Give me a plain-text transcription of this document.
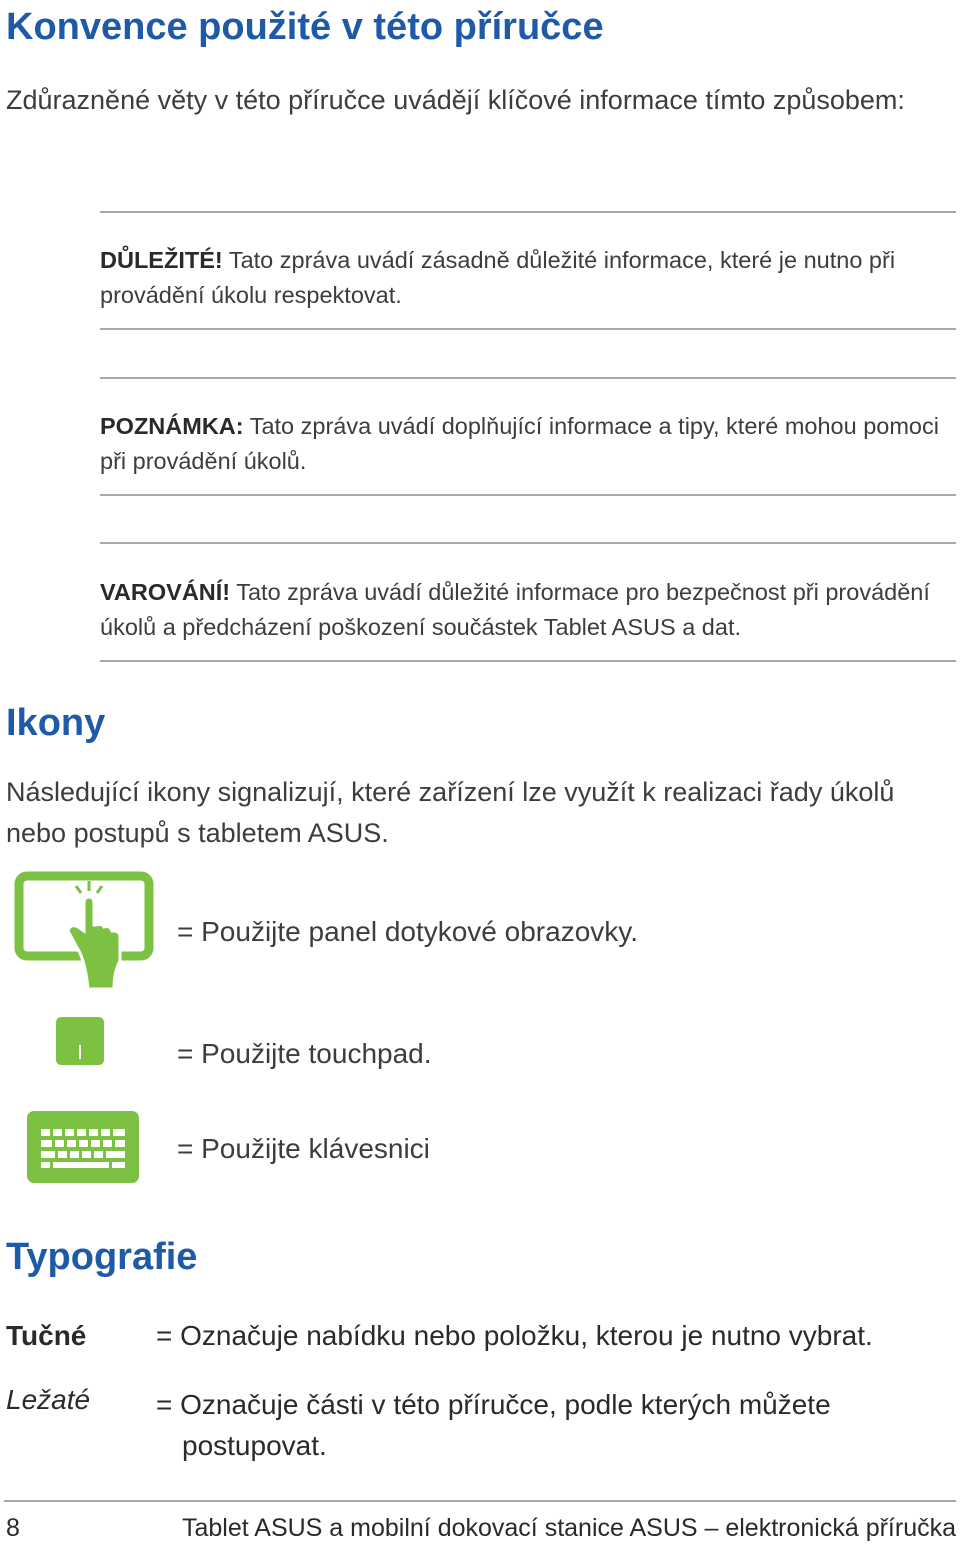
Konvence použité v této příručce
Zdůrazněné věty v této příručce uvádějí klíčové informace tímto způsobem:
DŮLEŽITÉ! Tato zpráva uvádí zásadně důležité informace, které je nutno při provádění úkolu respektovat.
POZNÁMKA: Tato zpráva uvádí doplňující informace a tipy, které mohou pomoci při provádění úkolů.
VAROVÁNÍ! Tato zpráva uvádí důležité informace pro bezpečnost při provádění úkolů a předcházení poškození součástek Tablet ASUS a dat.
Ikony
Následující ikony signalizují, které zařízení lze využít k realizaci řady úkolů nebo postupů s tabletem ASUS.
= Použijte panel dotykové obrazovky.
= Použijte touchpad.
= Použijte klávesnici
Typografie
Tučné = Označuje nabídku nebo položku, kterou je nutno vybrat.
Ležaté = Označuje části v této příručce, podle kterých můžete postupovat.
8	Tablet ASUS a mobilní dokovací stanice ASUS – elektronická příručka
